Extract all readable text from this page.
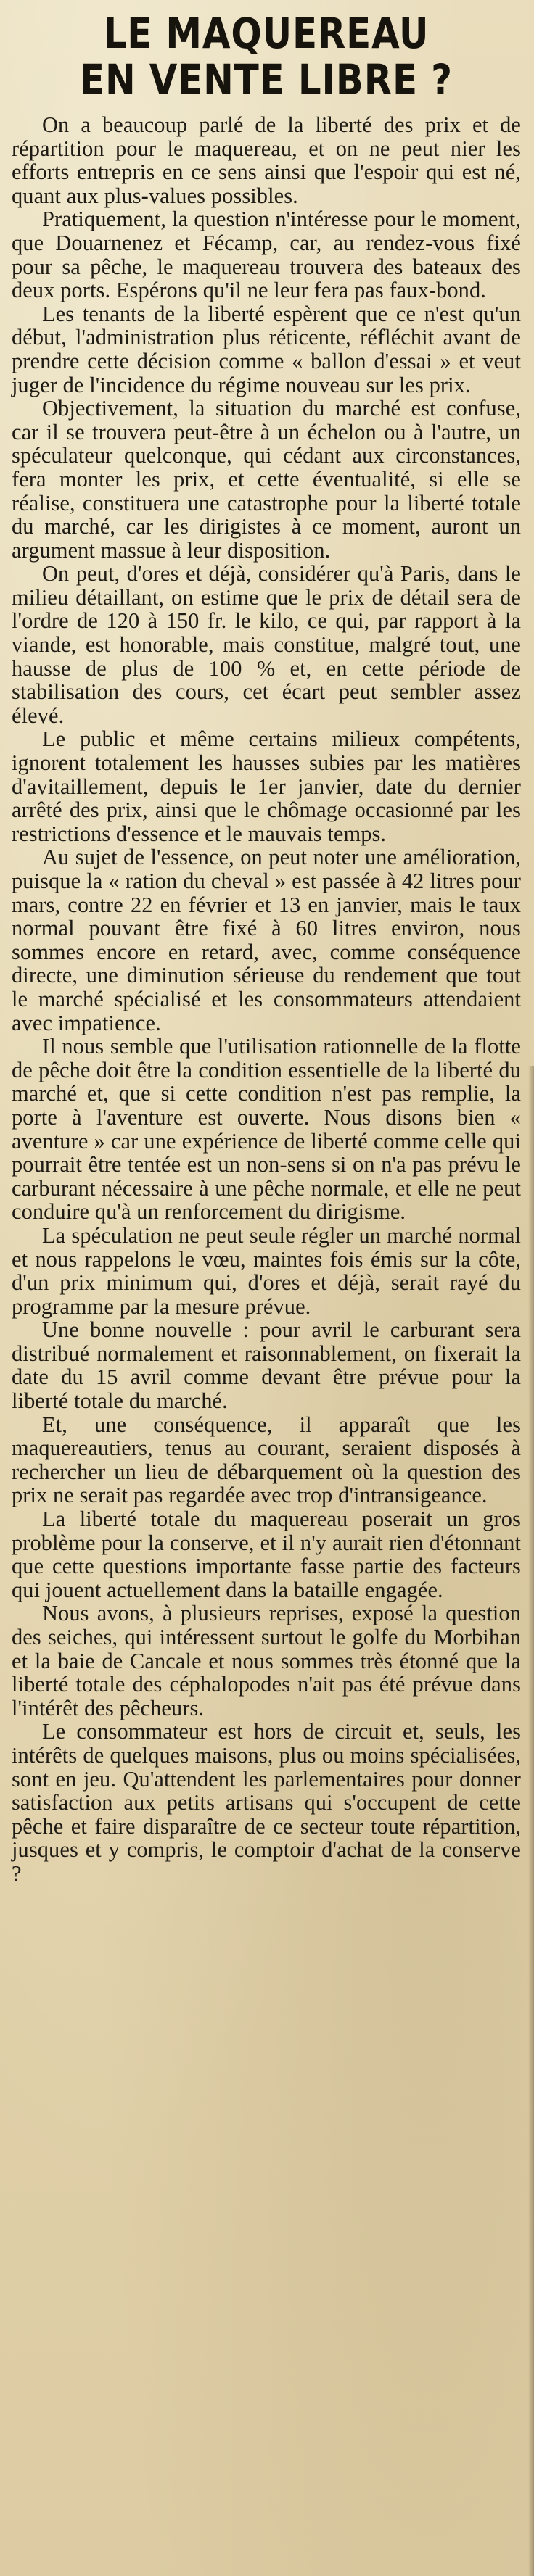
LE MAQUEREAU
EN VENTE LIBRE ?

On a beaucoup parlé de la liberté des prix et de répartition pour le maquereau, et on ne peut nier les efforts entrepris en ce sens ainsi que l'espoir qui est né, quant aux plus-values possibles.

Pratiquement, la question n'intéresse pour le moment, que Douarnenez et Fécamp, car, au rendez-vous fixé pour sa pêche, le maquereau trouvera des bateaux des deux ports. Espérons qu'il ne leur fera pas faux-bond.

Les tenants de la liberté espèrent que ce n'est qu'un début, l'administration plus réticente, réfléchit avant de prendre cette décision comme « ballon d'essai » et veut juger de l'incidence du régime nouveau sur les prix.

Objectivement, la situation du marché est confuse, car il se trouvera peut-être à un échelon ou à l'autre, un spéculateur quelconque, qui cédant aux circonstances, fera monter les prix, et cette éventualité, si elle se réalise, constituera une catastrophe pour la liberté totale du marché, car les dirigistes à ce moment, auront un argument massue à leur disposition.

On peut, d'ores et déjà, considérer qu'à Paris, dans le milieu détaillant, on estime que le prix de détail sera de l'ordre de 120 à 150 fr. le kilo, ce qui, par rapport à la viande, est honorable, mais constitue, malgré tout, une hausse de plus de 100 % et, en cette période de stabilisation des cours, cet écart peut sembler assez élevé.

Le public et même certains milieux compétents, ignorent totalement les hausses subies par les matières d'avitaillement, depuis le 1er janvier, date du dernier arrêté des prix, ainsi que le chômage occasionné par les restrictions d'essence et le mauvais temps.

Au sujet de l'essence, on peut noter une amélioration, puisque la « ration du cheval » est passée à 42 litres pour mars, contre 22 en février et 13 en janvier, mais le taux normal pouvant être fixé à 60 litres environ, nous sommes encore en retard, avec, comme conséquence directe, une diminution sérieuse du rendement que tout le marché spécialisé et les consommateurs attendaient avec impatience.

Il nous semble que l'utilisation rationnelle de la flotte de pêche doit être la condition essentielle de la liberté du marché et, que si cette condition n'est pas remplie, la porte à l'aventure est ouverte. Nous disons bien « aventure » car une expérience de liberté comme celle qui pourrait être tentée est un non-sens si on n'a pas prévu le carburant nécessaire à une pêche normale, et elle ne peut conduire qu'à un renforcement du dirigisme.

La spéculation ne peut seule régler un marché normal et nous rappelons le vœu, maintes fois émis sur la côte, d'un prix minimum qui, d'ores et déjà, serait rayé du programme par la mesure prévue.

Une bonne nouvelle : pour avril le carburant sera distribué normalement et raisonnablement, on fixerait la date du 15 avril comme devant être prévue pour la liberté totale du marché.

Et, une conséquence, il apparaît que les maquereautiers, tenus au courant, seraient disposés à rechercher un lieu de débarquement où la question des prix ne serait pas regardée avec trop d'intransigeance.

La liberté totale du maquereau poserait un gros problème pour la conserve, et il n'y aurait rien d'étonnant que cette questions importante fasse partie des facteurs qui jouent actuellement dans la bataille engagée.

Nous avons, à plusieurs reprises, exposé la question des seiches, qui intéressent surtout le golfe du Morbihan et la baie de Cancale et nous sommes très étonné que la liberté totale des céphalopodes n'ait pas été prévue dans l'intérêt des pêcheurs.

Le consommateur est hors de circuit et, seuls, les intérêts de quelques maisons, plus ou moins spécialisées, sont en jeu. Qu'attendent les parlementaires pour donner satisfaction aux petits artisans qui s'occupent de cette pêche et faire disparaître de ce secteur toute répartition, jusques et y compris, le comptoir d'achat de la conserve ?
